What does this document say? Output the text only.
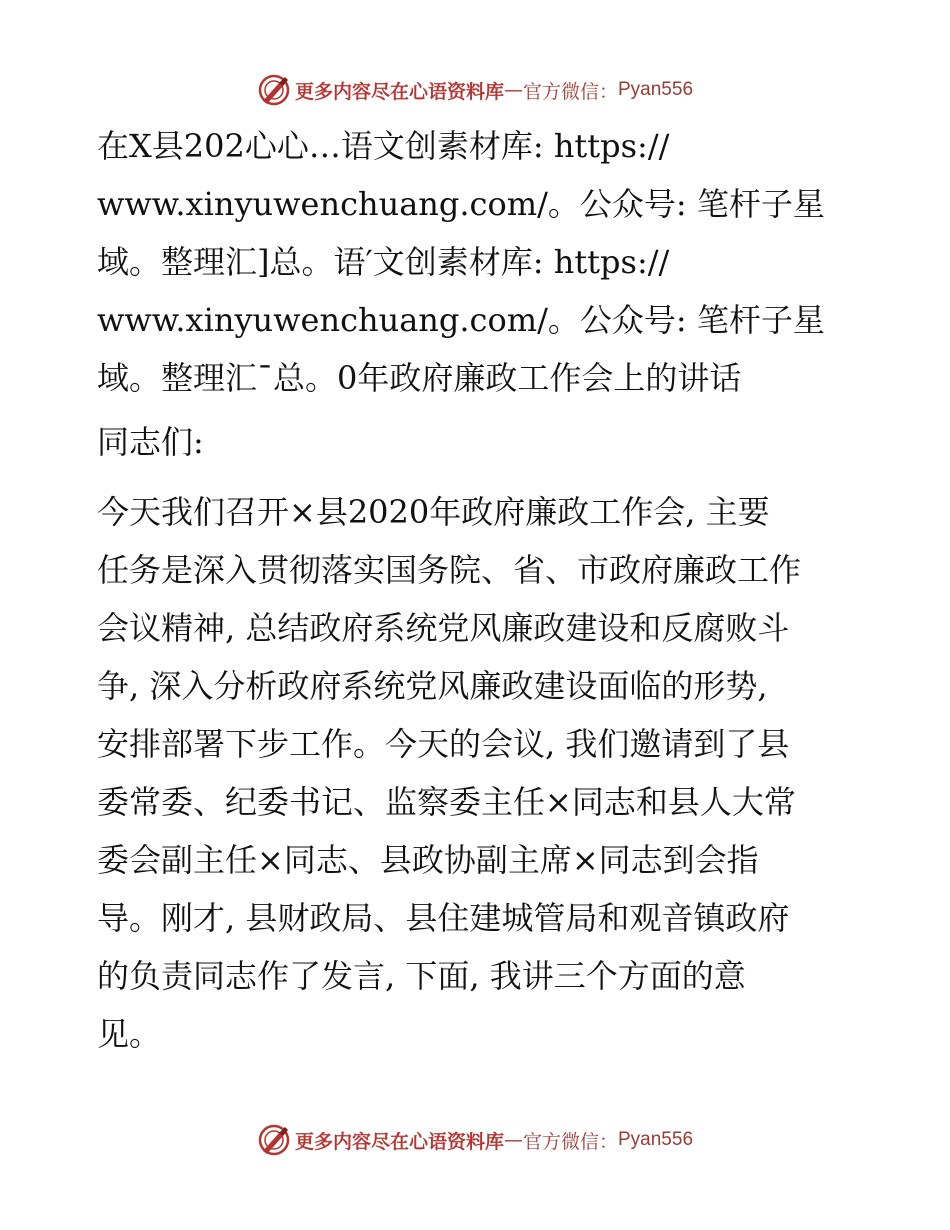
更多内容尽在心语资料库 — 官方微信： Pyan556

在X县202心心…语文创素材库: https://
www.xinyuwenchuang.com/。公众号: 笔杆子星
域。整理汇]总。语′文创素材库: https://
www.xinyuwenchuang.com/。公众号: 笔杆子星
域。整理汇¯总。0年政府廉政工作会上的讲话

同志们:

今天我们召开×县2020年政府廉政工作会, 主要
任务是深入贯彻落实国务院、省、市政府廉政工作
会议精神, 总结政府系统党风廉政建设和反腐败斗
争, 深入分析政府系统党风廉政建设面临的形势,
安排部署下步工作。今天的会议, 我们邀请到了县
委常委、纪委书记、监察委主任×同志和县人大常
委会副主任×同志、县政协副主席×同志到会指
导。刚才, 县财政局、县住建城管局和观音镇政府
的负责同志作了发言, 下面, 我讲三个方面的意
见。

更多内容尽在心语资料库 — 官方微信： Pyan556
